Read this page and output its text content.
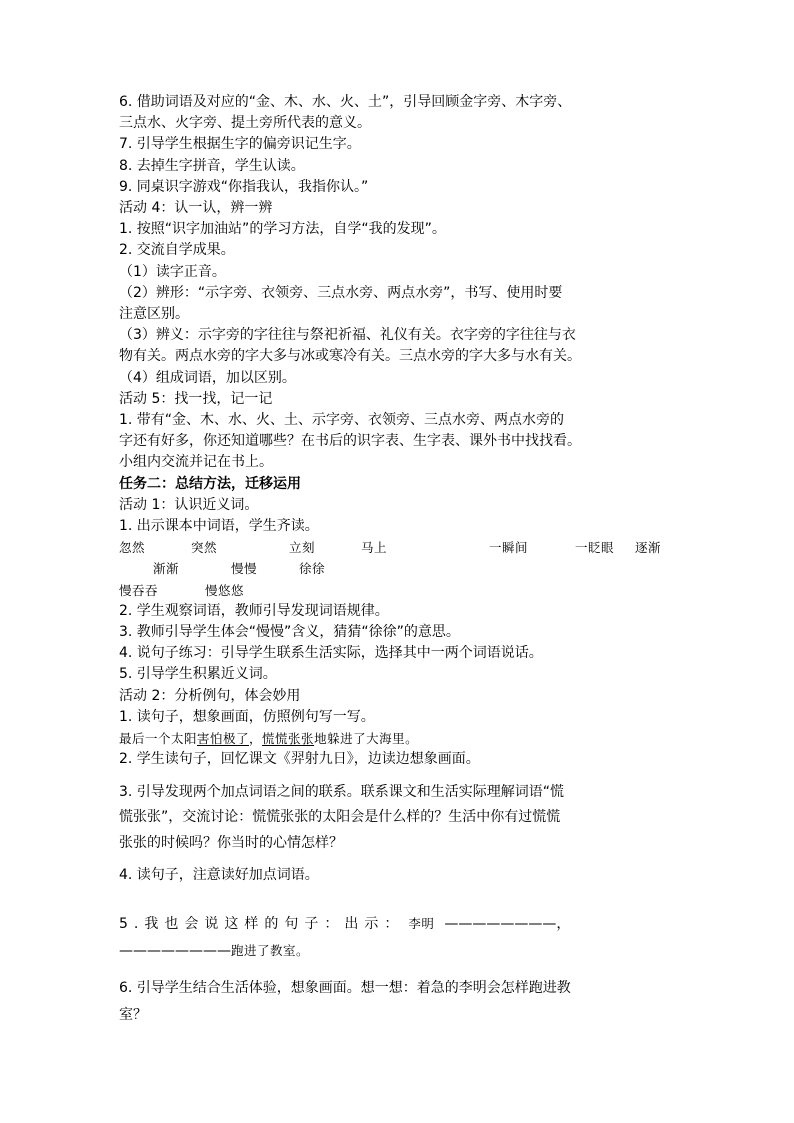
6. 借助词语及对应的“金、木、水、火、土”，引导回顾金字旁、木字旁、
三点水、火字旁、提土旁所代表的意义。
7. 引导学生根据生字的偏旁识记生字。
8. 去掉生字拼音，学生认读。
9. 同桌识字游戏“你指我认，我指你认。”
活动 4：认一认，辨一辨
1. 按照“识字加油站”的学习方法，自学“我的发现”。
2. 交流自学成果。
（1）读字正音。
（2）辨形：“示字旁、衣领旁、三点水旁、两点水旁”，书写、使用时要
注意区别。
（3）辨义：示字旁的字往往与祭祀祈福、礼仪有关。衣字旁的字往往与衣
物有关。两点水旁的字大多与冰或寒冷有关。三点水旁的字大多与水有关。
（4）组成词语，加以区别。
活动 5：找一找，记一记
1. 带有“金、木、水、火、土、示字旁、衣领旁、三点水旁、两点水旁的
字还有好多，你还知道哪些？在书后的识字表、生字表、课外书中找找看。
小组内交流并记在书上。
任务二：总结方法，迁移运用
活动 1：认识近义词。
1. 出示课本中词语，学生齐读。
忽然	突然	立刻	马上	一瞬间	一眨眼 逐渐
渐渐	慢慢	徐徐
慢吞吞	慢悠悠
2. 学生观察词语，教师引导发现词语规律。
3. 教师引导学生体会“慢慢”含义，猜猜“徐徐”的意思。
4. 说句子练习：引导学生联系生活实际，选择其中一两个词语说话。
5. 引导学生积累近义词。
活动 2：分析例句，体会妙用
1. 读句子，想象画面，仿照例句写一写。
最后一个太阳害怕极了，慌慌张张地躲进了大海里。
2. 学生读句子，回忆课文《羿射九日》，边读边想象画面。
3. 引导发现两个加点词语之间的联系。联系课文和生活实际理解词语“慌
慌张张”，交流讨论：慌慌张张的太阳会是什么样的？生活中你有过慌慌
张张的时候吗？你当时的心情怎样？
4. 读句子，注意读好加点词语。
5.我也会说这样的句子：出示： 李明 ————————，
————————跑进了教室。
6. 引导学生结合生活体验，想象画面。想一想：着急的李明会怎样跑进教
室？
